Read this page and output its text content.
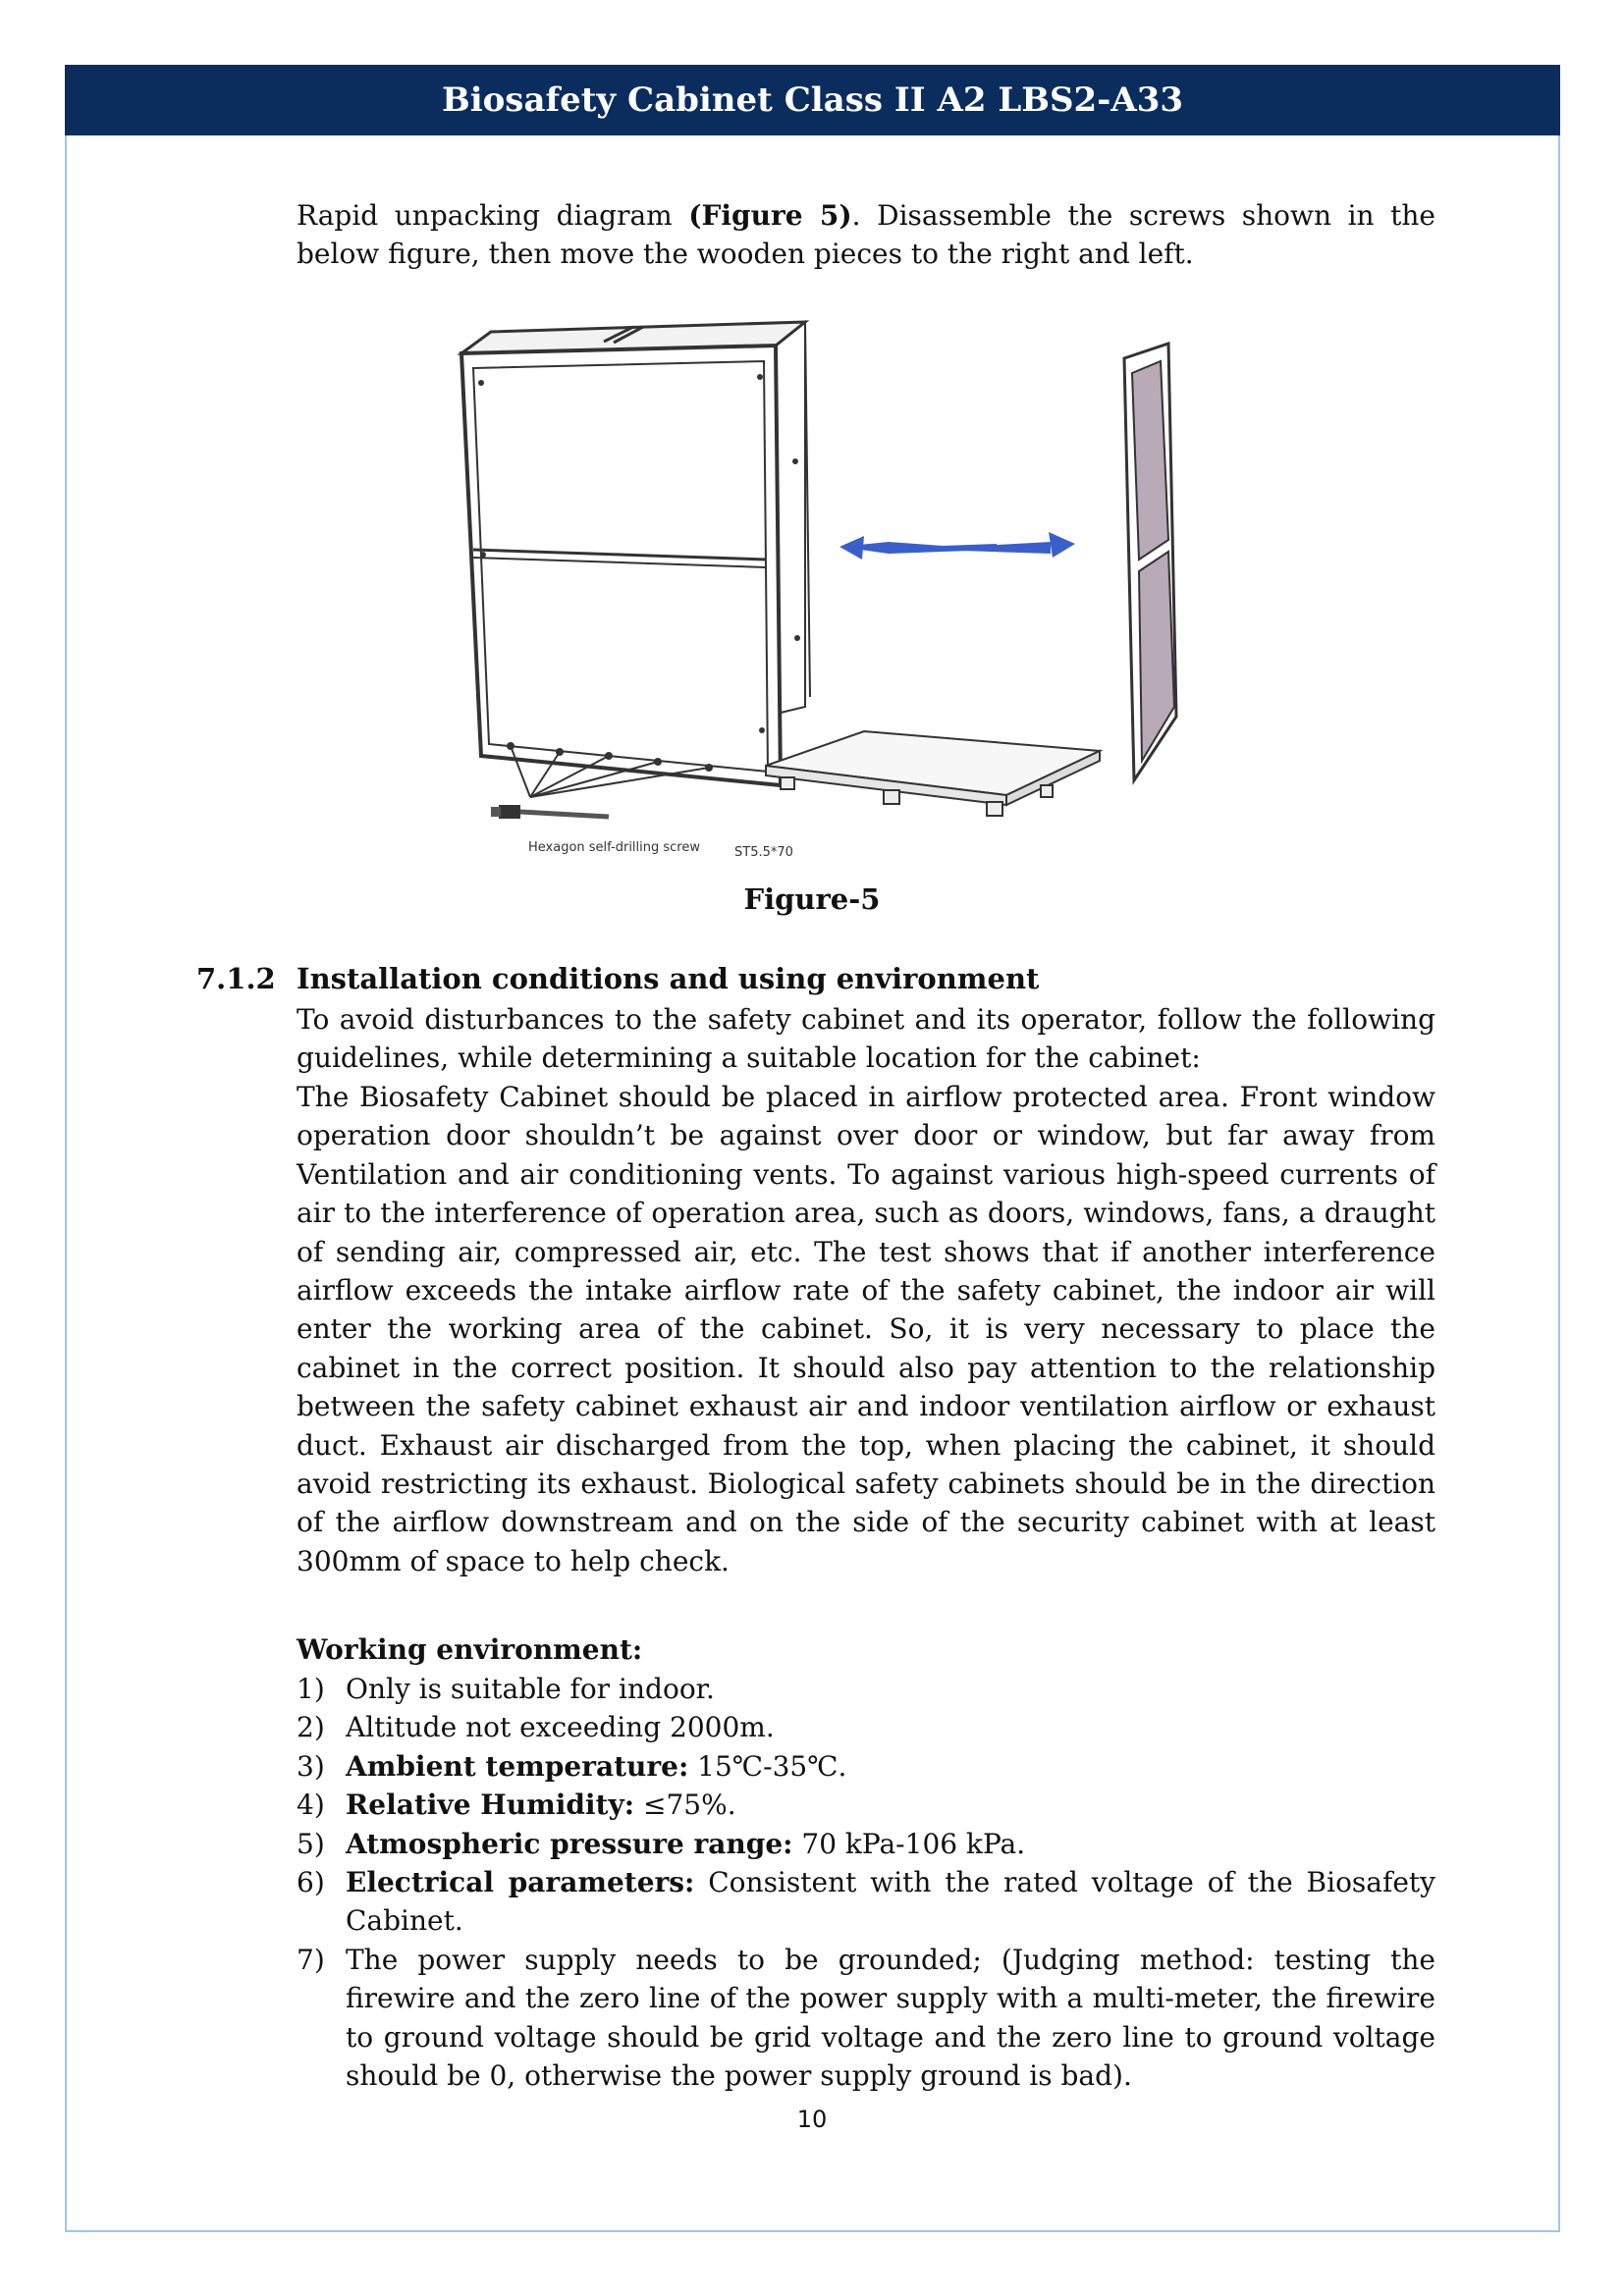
Biosafety Cabinet Class II A2 LBS2-A33
Rapid unpacking diagram (Figure 5). Disassemble the screws shown in the below figure, then move the wooden pieces to the right and left.
Hexagon self-drilling screw	ST5.5*70
Figure-5
7.1.2 Installation conditions and using environment
To avoid disturbances to the safety cabinet and its operator, follow the following guidelines, while determining a suitable location for the cabinet:
The Biosafety Cabinet should be placed in airflow protected area. Front window operation door shouldn’t be against over door or window, but far away from Ventilation and air conditioning vents. To against various high-speed currents of air to the interference of operation area, such as doors, windows, fans, a draught of sending air, compressed air, etc. The test shows that if another interference airflow exceeds the intake airflow rate of the safety cabinet, the indoor air will enter the working area of the cabinet. So, it is very necessary to place the cabinet in the correct position. It should also pay attention to the relationship between the safety cabinet exhaust air and indoor ventilation airflow or exhaust duct. Exhaust air discharged from the top, when placing the cabinet, it should avoid restricting its exhaust. Biological safety cabinets should be in the direction of the airflow downstream and on the side of the security cabinet with at least 300mm of space to help check.
Working environment:
1) Only is suitable for indoor.
2) Altitude not exceeding 2000m.
3) Ambient temperature: 15℃-35℃.
4) Relative Humidity: ≤75%.
5) Atmospheric pressure range: 70 kPa-106 kPa.
6) Electrical parameters: Consistent with the rated voltage of the Biosafety Cabinet.
7) The power supply needs to be grounded; (Judging method: testing the firewire and the zero line of the power supply with a multi-meter, the firewire to ground voltage should be grid voltage and the zero line to ground voltage should be 0, otherwise the power supply ground is bad).
10
